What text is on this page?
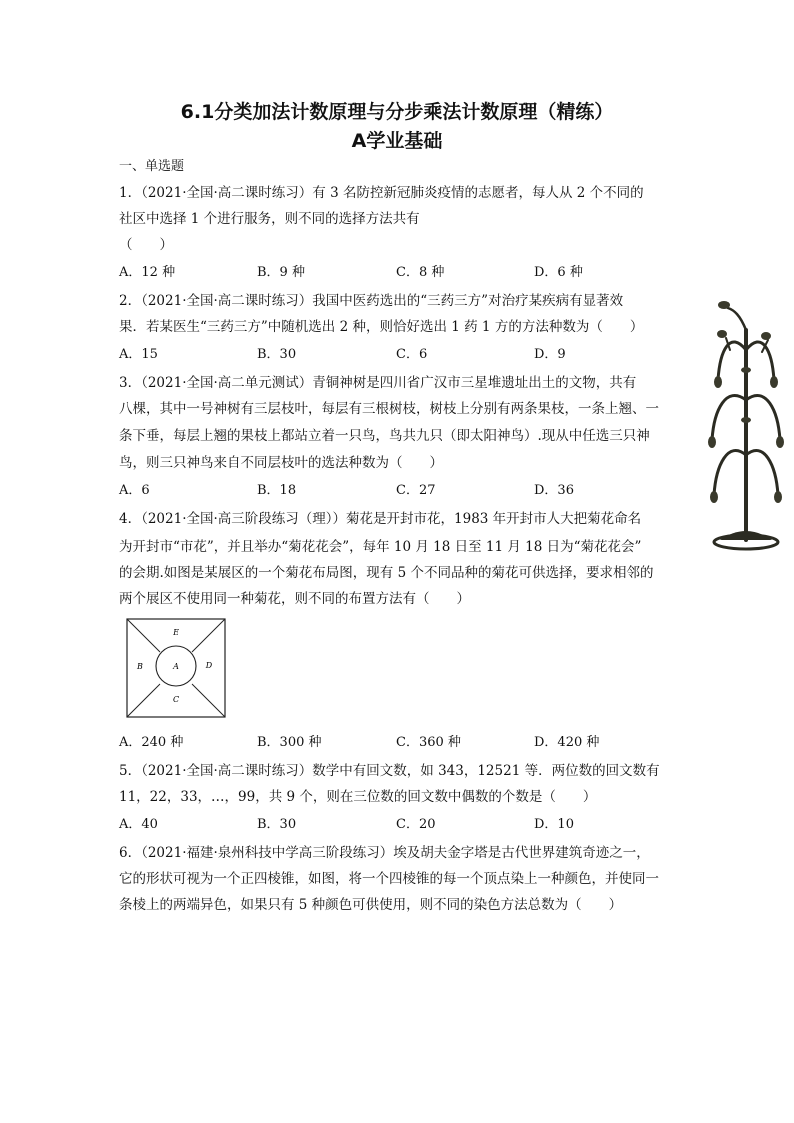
6.1分类加法计数原理与分步乘法计数原理（精练）
A学业基础
一、单选题
1．（2021·全国·高二课时练习）有 3 名防控新冠肺炎疫情的志愿者，每人从 2 个不同的
社区中选择 1 个进行服务，则不同的选择方法共有
（　　）
A．12 种	B．9 种	C．8 种	D．6 种
2．（2021·全国·高二课时练习）我国中医药选出的“三药三方”对治疗某疾病有显著效
果．若某医生“三药三方”中随机选出 2 种，则恰好选出 1 药 1 方的方法种数为（　　）
A．15	B．30	C．6	D．9
3．（2021·全国·高二单元测试）青铜神树是四川省广汉市三星堆遗址出土的文物，共有
八棵，其中一号神树有三层枝叶，每层有三根树枝，树枝上分别有两条果枝，一条上翘、一
条下垂，每层上翘的果枝上都站立着一只鸟，鸟共九只（即太阳神鸟）.现从中任选三只神
鸟，则三只神鸟来自不同层枝叶的选法种数为（　　）
A．6	B．18	C．27	D．36
4．（2021·全国·高三阶段练习（理））菊花是开封市花，1983 年开封市人大把菊花命名
为开封市“市花”，并且举办“菊花花会”，每年 10 月 18 日至 11 月 18 日为“菊花花会”
的会期.如图是某展区的一个菊花布局图，现有 5 个不同品种的菊花可供选择，要求相邻的
两个展区不使用同一种菊花，则不同的布置方法有（　　）
E
B	A	D
C
A．240 种	B．300 种	C．360 种	D．420 种
5．（2021·全国·高二课时练习）数学中有回文数，如 343，12521 等．两位数的回文数有
11，22，33，…，99，共 9 个，则在三位数的回文数中偶数的个数是（　　）
A．40	B．30	C．20	D．10
6．（2021·福建·泉州科技中学高三阶段练习）埃及胡夫金字塔是古代世界建筑奇迹之一，
它的形状可视为一个正四棱锥，如图，将一个四棱锥的每一个顶点染上一种颜色，并使同一
条棱上的两端异色，如果只有 5 种颜色可供使用，则不同的染色方法总数为（　　）
